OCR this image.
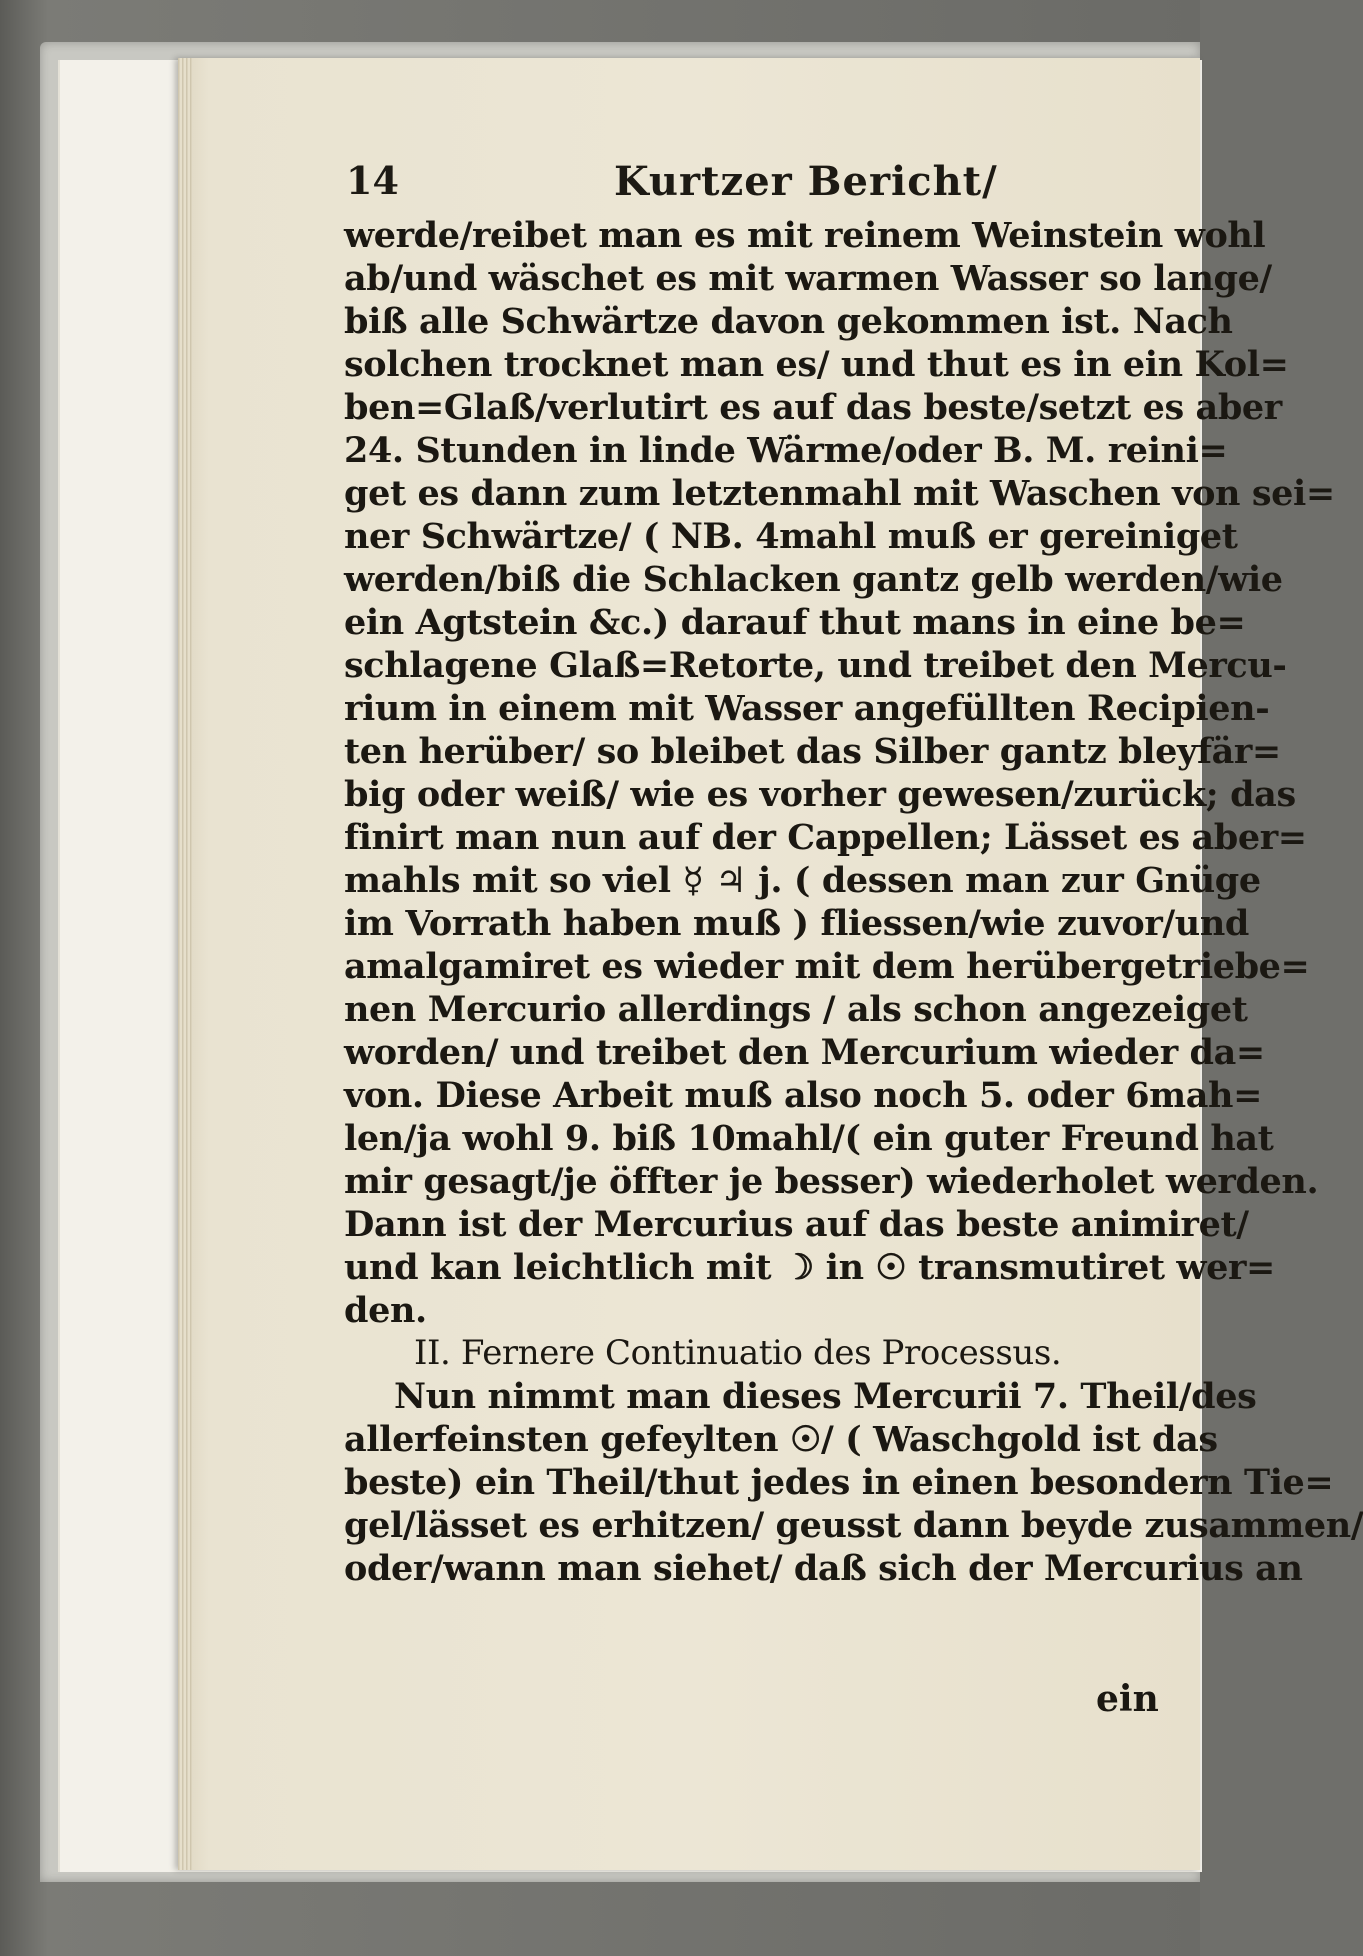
14	Kurtzer Bericht/
werde/reibet man es mit reinem Weinstein wohl
ab/und wäschet es mit warmen Wasser so lange/
biß alle Schwärtze davon gekommen ist. Nach
solchen trocknet man es/ und thut es in ein Kol=
ben=Glaß/verlutirt es auf das beste/setzt es aber
24. Stunden in linde Wärme/oder B. M. reini=
get es dann zum letztenmahl mit Waschen von sei=
ner Schwärtze/ ( NB. 4mahl muß er gereiniget
werden/biß die Schlacken gantz gelb werden/wie
ein Agtstein &c.) darauf thut mans in eine be=
schlagene Glaß=Retorte, und treibet den Mercu-
rium in einem mit Wasser angefüllten Recipien-
ten herüber/ so bleibet das Silber gantz bleyfär=
big oder weiß/ wie es vorher gewesen/zurück; das
finirt man nun auf der Cappellen; Lässet es aber=
mahls mit so viel ☿ ♃ j. ( dessen man zur Gnüge
im Vorrath haben muß ) fliessen/wie zuvor/und
amalgamiret es wieder mit dem herübergetriebe=
nen Mercurio allerdings / als schon angezeiget
worden/ und treibet den Mercurium wieder da=
von. Diese Arbeit muß also noch 5. oder 6mah=
len/ja wohl 9. biß 10mahl/( ein guter Freund hat
mir gesagt/je öffter je besser) wiederholet werden.
Dann ist der Mercurius auf das beste animiret/
und kan leichtlich mit ☽ in ☉ transmutiret wer=
den.
II. Fernere Continuatio des Processus.
Nun nimmt man dieses Mercurii 7. Theil/des
allerfeinsten gefeylten ☉/ ( Waschgold ist das
beste) ein Theil/thut jedes in einen besondern Tie=
gel/lässet es erhitzen/ geusst dann beyde zusammen/
oder/wann man siehet/ daß sich der Mercurius an
ein
